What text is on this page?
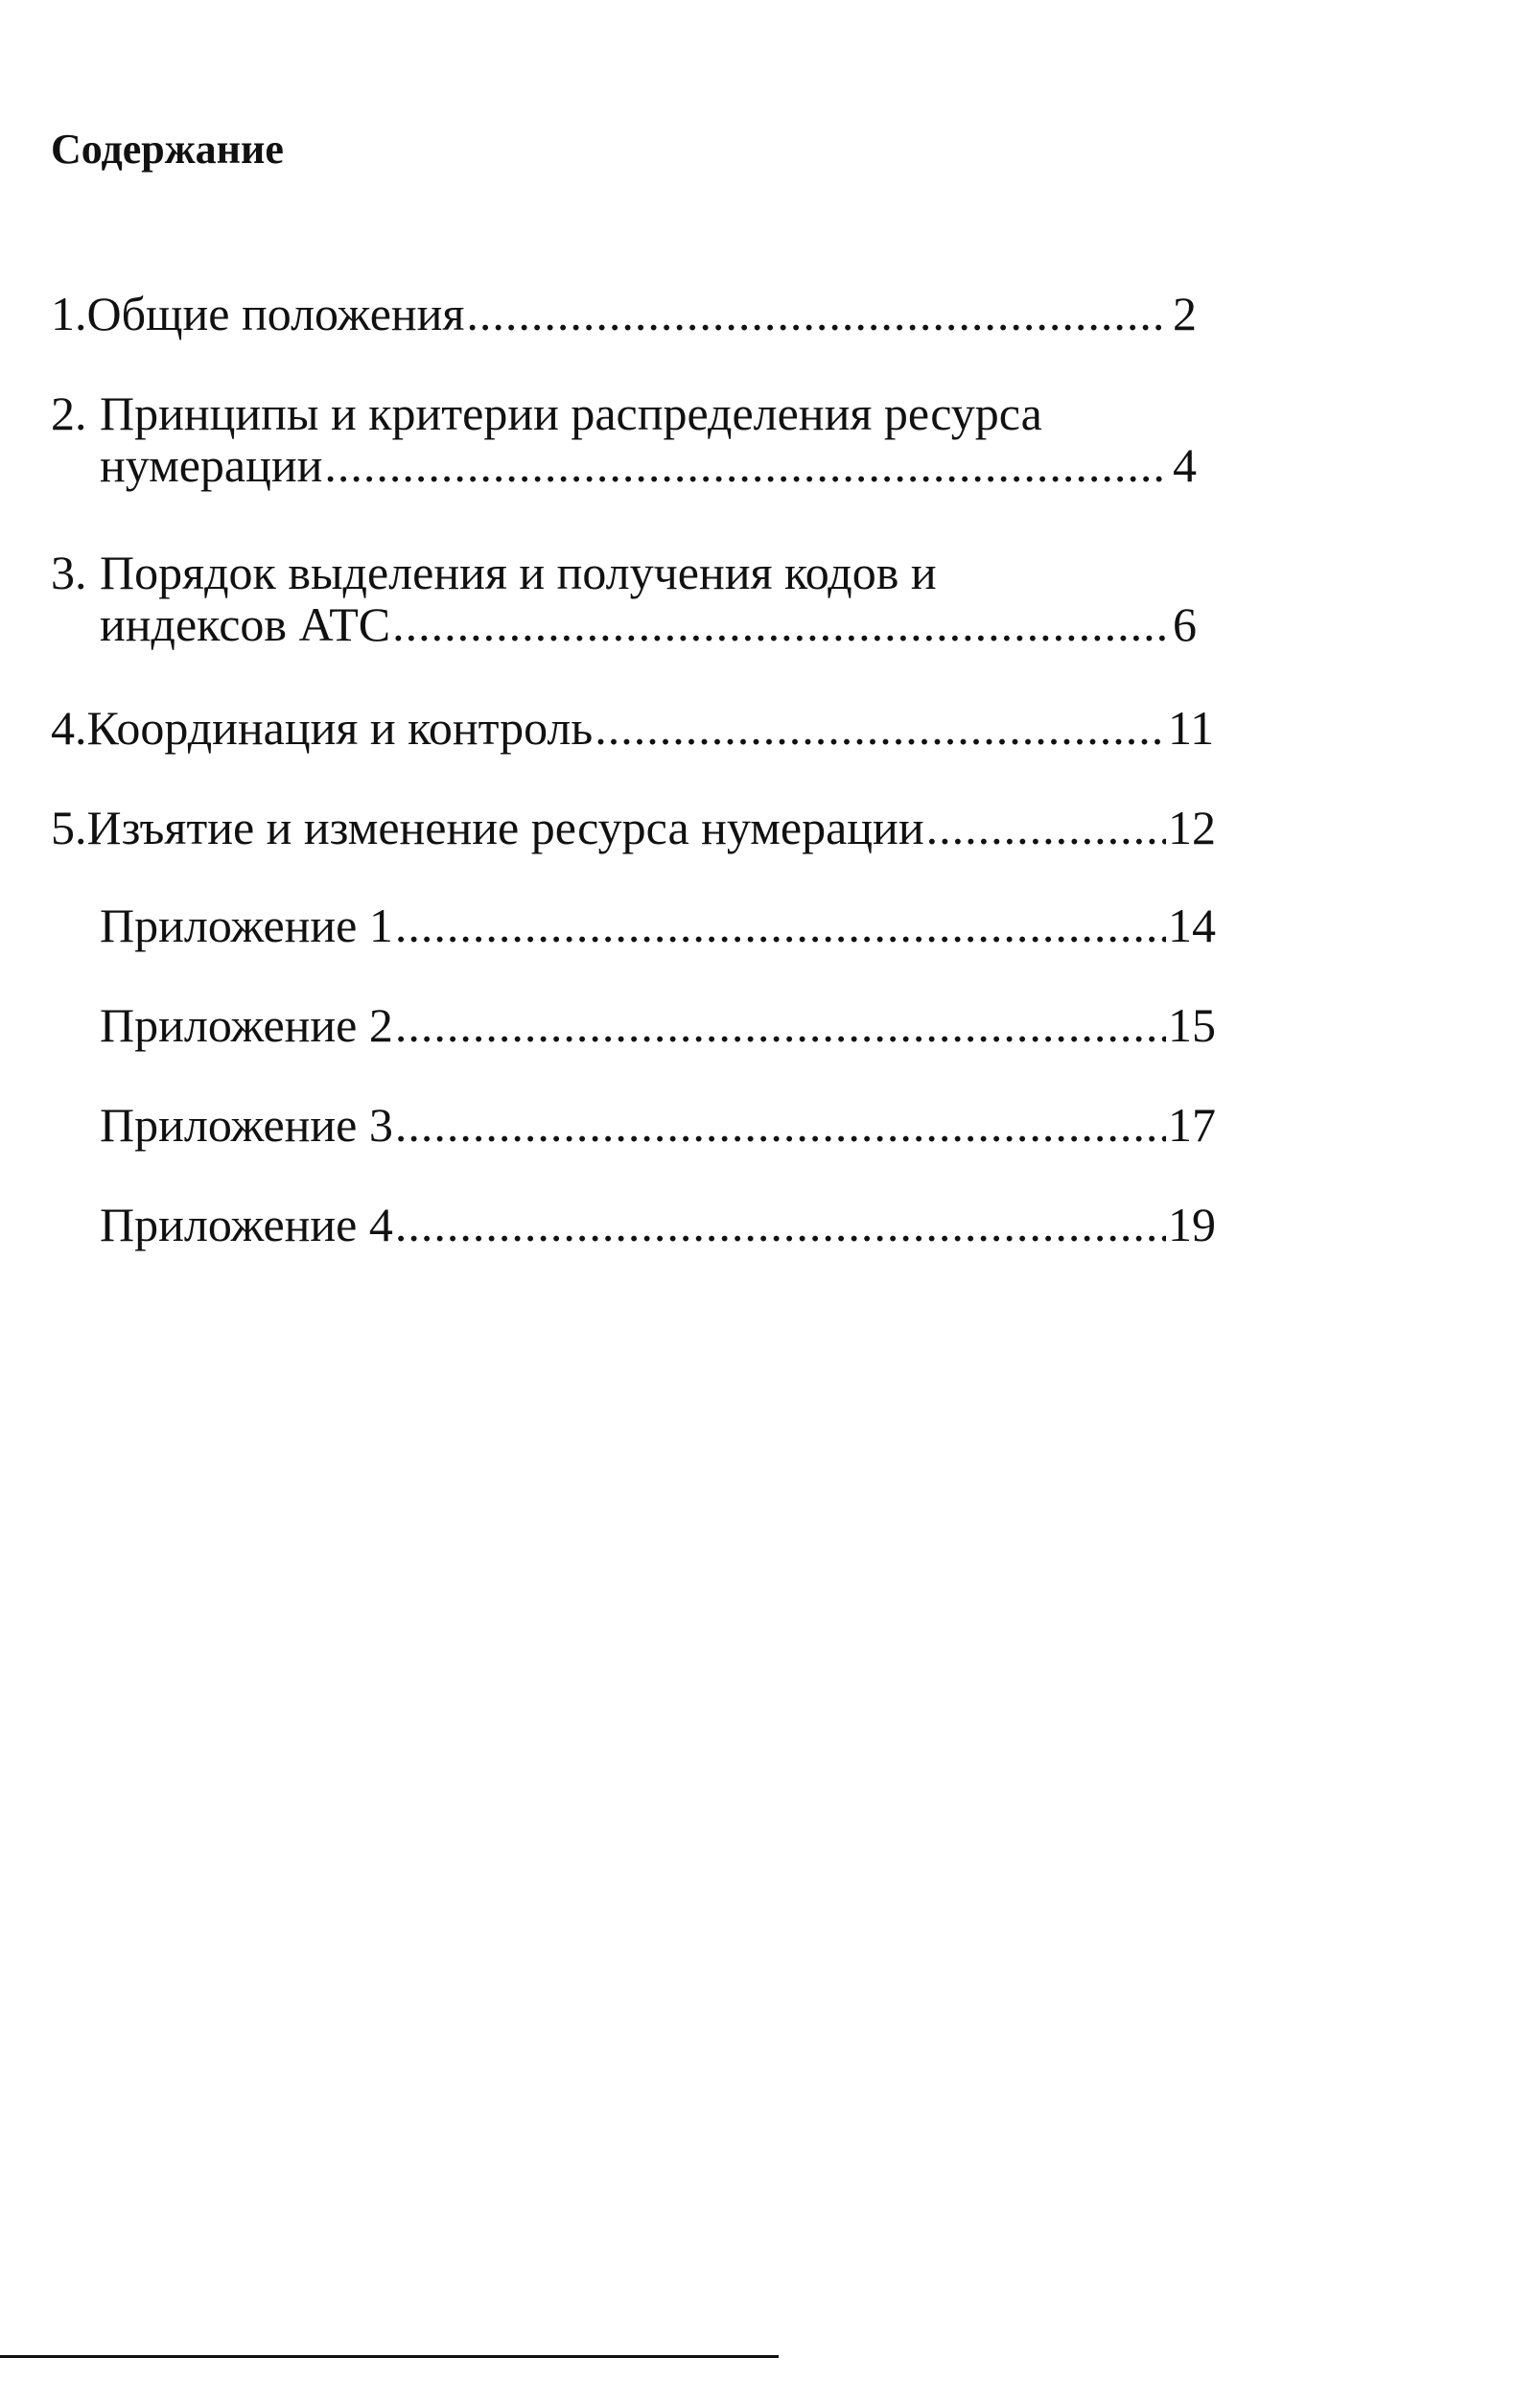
Содержание
1. Общие положения .....	2
2. Принципы и критерии распределения ресурса
нумерации .....	4
3. Порядок выделения и получения кодов и
индексов АТС .....	6
4. Координация и контроль .....	11
5. Изъятие и изменение ресурса нумерации .....	12
Приложение 1 .....	14
Приложение 2 .....	15
Приложение 3 .....	17
Приложение 4 .....	19
